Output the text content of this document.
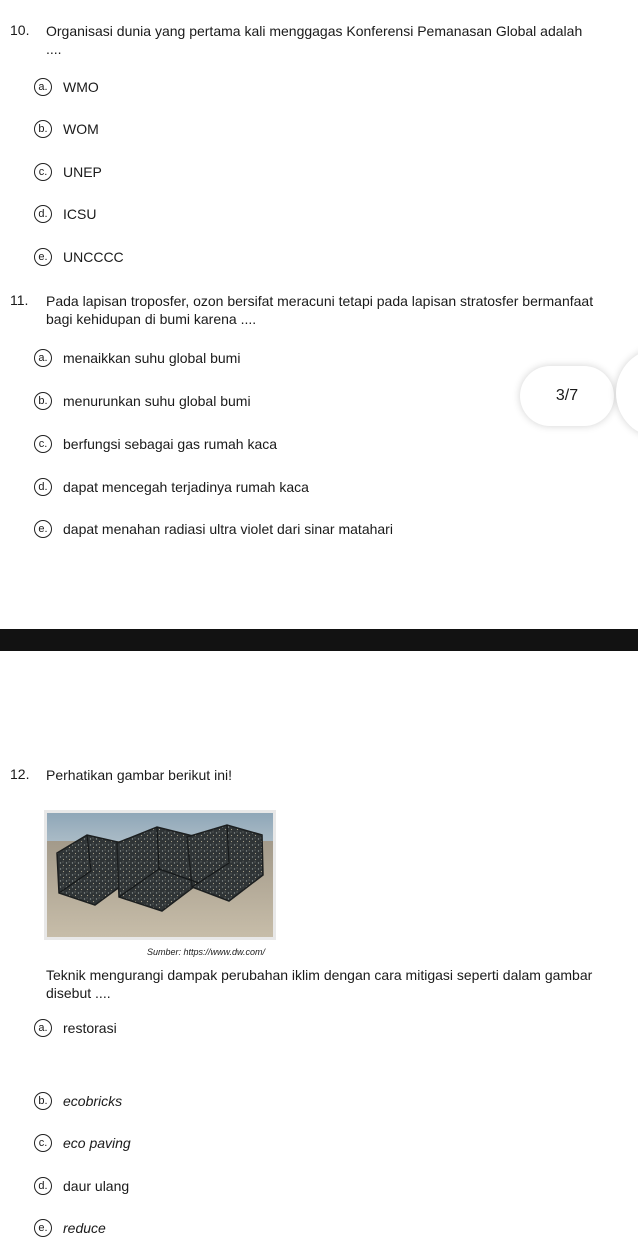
10. Organisasi dunia yang pertama kali menggagas Konferensi Pemanasan Global adalah
....
a.	WMO
b.	WOM
c.	UNEP
d.	ICSU
e.	UNCCCC
11. Pada lapisan troposfer, ozon bersifat meracuni tetapi pada lapisan stratosfer bermanfaat bagi kehidupan di bumi karena ....
a.	menaikkan suhu global bumi
b.	menurunkan suhu global bumi
c.	berfungsi sebagai gas rumah kaca
d.	dapat mencegah terjadinya rumah kaca
e.	dapat menahan radiasi ultra violet dari sinar matahari
3/7
12. Perhatikan gambar berikut ini!
Sumber: https://www.dw.com/
Teknik mengurangi dampak perubahan iklim dengan cara mitigasi seperti dalam gambar disebut ....
a.	restorasi
b.	ecobricks
c.	eco paving
d.	daur ulang
e.	reduce
